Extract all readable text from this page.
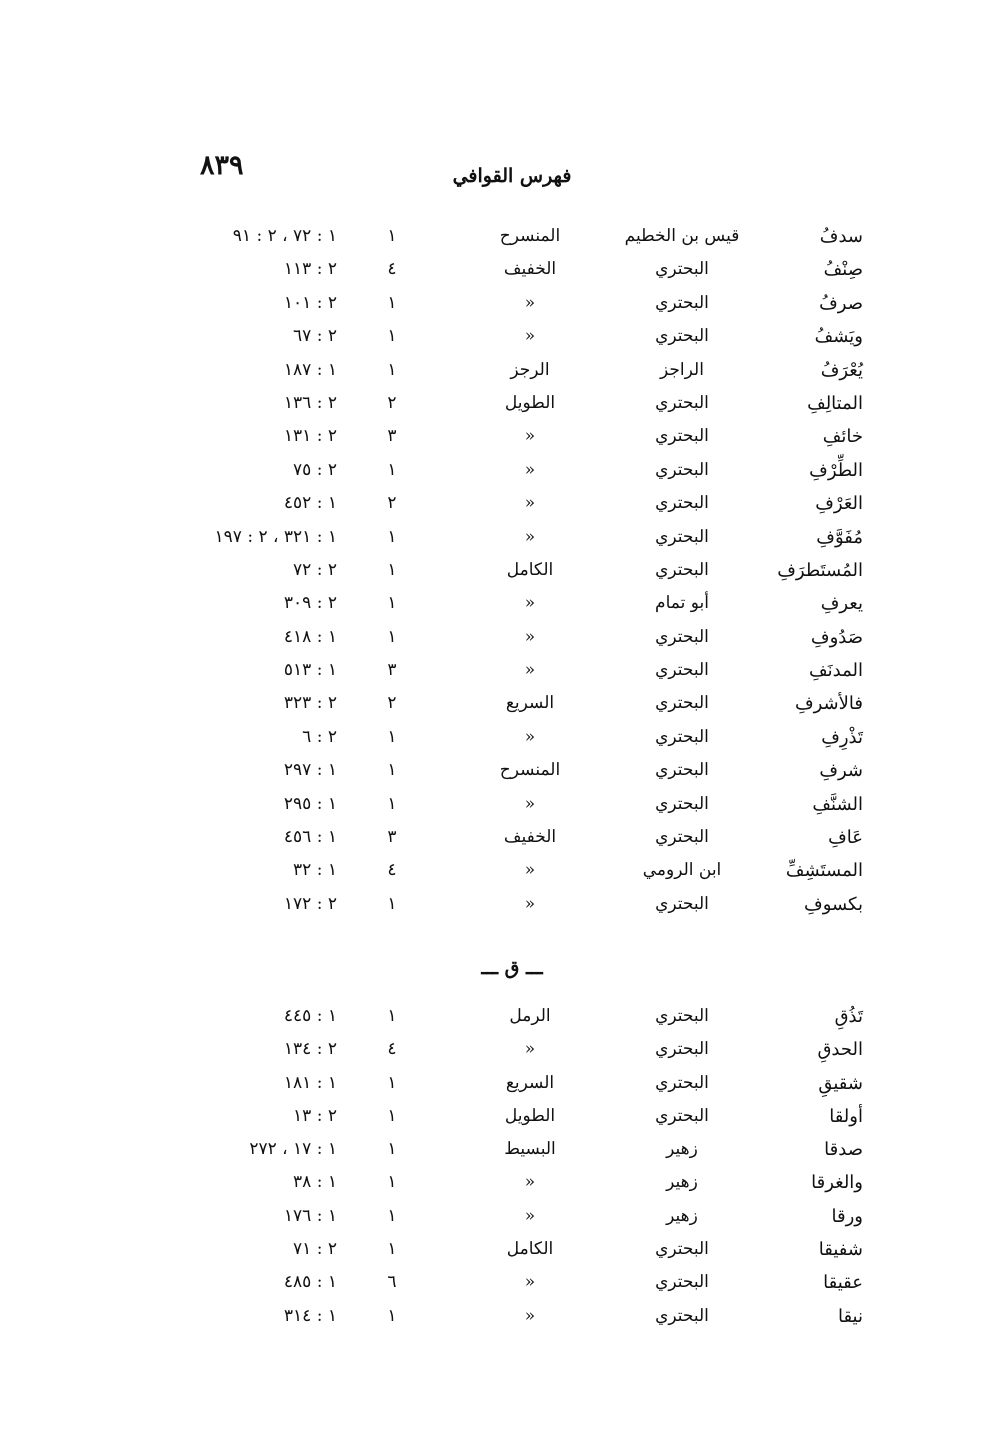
٨٣٩	فهرس القوافي
سدفُ
قيس بن الخطيم
المنسرح
١
١ : ٧٢ ، ٢ : ٩١
صِنْفُ
البحتري
الخفيف
٤
٢ : ١١٣
صرفُ
البحتري
»
١
٢ : ١٠١
ويَشفُ
البحتري
»
١
٢ : ٦٧
يُعْرَفُ
الراجز
الرجز
١
١ : ١٨٧
المتالِفِ
البحتري
الطويل
٢
٢ : ١٣٦
خائفِ
البحتري
»
٣
٢ : ١٣١
الطِّرْفِ
البحتري
»
١
٢ : ٧٥
العَرْفِ
البحتري
»
٢
١ : ٤٥٢
مُفَوَّفِ
البحتري
»
١
١ : ٣٢١ ، ٢ : ١٩٧
المُستَطرَفِ
البحتري
الكامل
١
٢ : ٧٢
يعرفِ
أبو تمام
»
١
٢ : ٣٠٩
صَدُوفِ
البحتري
»
١
١ : ٤١٨
المدنَفِ
البحتري
»
٣
١ : ٥١٣
فالأشرفِ
البحتري
السريع
٢
٢ : ٣٢٣
تَذْرِفِ
البحتري
»
١
٢ : ٦
شرفِ
البحتري
المنسرح
١
١ : ٢٩٧
الشنَّفِ
البحتري
»
١
١ : ٢٩٥
عَافِ
البحتري
الخفيف
٣
١ : ٤٥٦
المستَشِفِّ
ابن الرومي
»
٤
١ : ٣٢
بكسوفِ
البحتري
»
١
٢ : ١٧٢
ـــ ق ـــ
تَذُقِ
البحتري
الرمل
١
١ : ٤٤٥
الحدقِ
البحتري
»
٤
٢ : ١٣٤
شقيقِ
البحتري
السريع
١
١ : ١٨١
أولقا
البحتري
الطويل
١
٢ : ١٣
صدقا
زهير
البسيط
١
١ : ١٧ ، ٢٧٢
والغرقا
زهير
»
١
١ : ٣٨
ورقا
زهير
»
١
١ : ١٧٦
شفيقا
البحتري
الكامل
١
٢ : ٧١
عقيقا
البحتري
»
٦
١ : ٤٨٥
نيقا
البحتري
»
١
١ : ٣١٤
